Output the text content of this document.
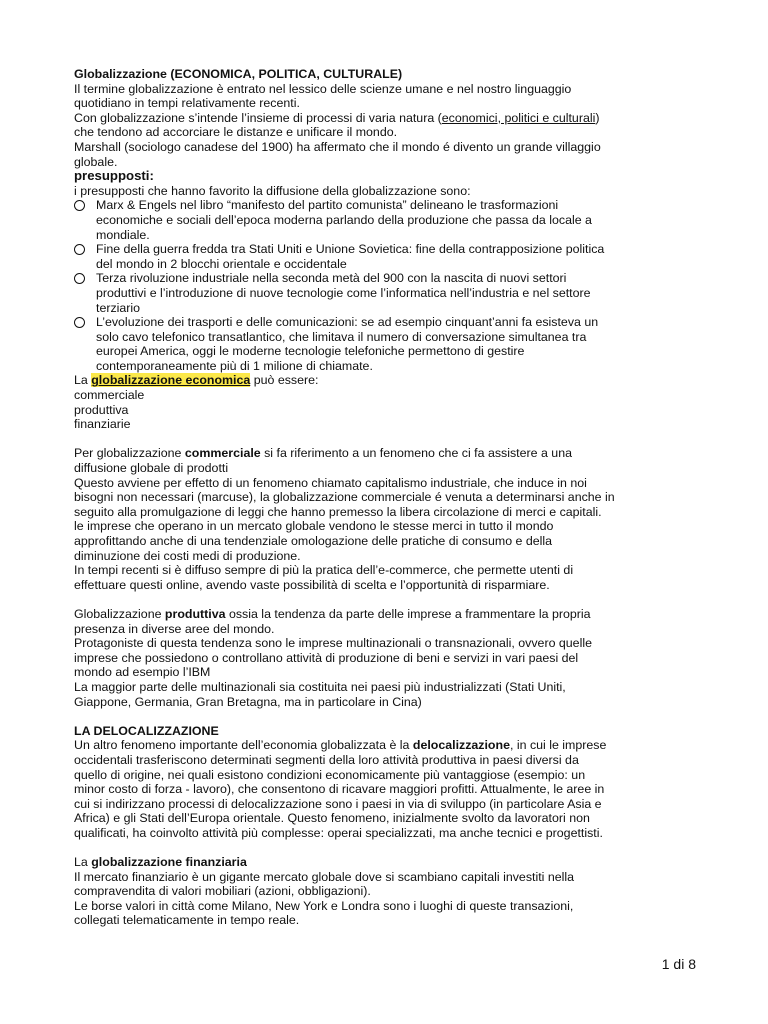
Globalizzazione (ECONOMICA, POLITICA, CULTURALE)
Il termine globalizzazione è entrato nel lessico delle scienze umane e nel nostro linguaggio
quotidiano in tempi relativamente recenti.
Con globalizzazione s’intende l’insieme di processi di varia natura (economici, politici e culturali)
che tendono ad accorciare le distanze e unificare il mondo.
Marshall (sociologo canadese del 1900) ha affermato che il mondo é divento un grande villaggio
globale.
presupposti:
i presupposti che hanno favorito la diffusione della globalizzazione sono:
Marx & Engels nel libro “manifesto del partito comunista” delineano le trasformazioni
economiche e sociali dell’epoca moderna parlando della produzione che passa da locale a
mondiale.
Fine della guerra fredda tra Stati Uniti e Unione Sovietica: fine della contrapposizione politica
del mondo in 2 blocchi orientale e occidentale
Terza rivoluzione industriale nella seconda metà del 900 con la nascita di nuovi settori
produttivi e l’introduzione di nuove tecnologie come l’informatica nell’industria e nel settore
terziario
L’evoluzione dei trasporti e delle comunicazioni: se ad esempio cinquant’anni fa esisteva un
solo cavo telefonico transatlantico, che limitava il numero di conversazione simultanea tra
europei America, oggi le moderne tecnologie telefoniche permettono di gestire
contemporaneamente più di 1 milione di chiamate.
La globalizzazione economica può essere:
commerciale
produttiva
finanziarie
Per globalizzazione commerciale si fa riferimento a un fenomeno che ci fa assistere a una
diffusione globale di prodotti
Questo avviene per effetto di un fenomeno chiamato capitalismo industriale, che induce in noi
bisogni non necessari (marcuse), la globalizzazione commerciale é venuta a determinarsi anche in
seguito alla promulgazione di leggi che hanno premesso la libera circolazione di merci e capitali.
le imprese che operano in un mercato globale vendono le stesse merci in tutto il mondo
approfittando anche di una tendenziale omologazione delle pratiche di consumo e della
diminuzione dei costi medi di produzione.
In tempi recenti si è diffuso sempre di più la pratica dell’e-commerce, che permette utenti di
effettuare questi online, avendo vaste possibilità di scelta e l’opportunità di risparmiare.
Globalizzazione produttiva ossia la tendenza da parte delle imprese a frammentare la propria
presenza in diverse aree del mondo.
Protagoniste di questa tendenza sono le imprese multinazionali o transnazionali, ovvero quelle
imprese che possiedono o controllano attività di produzione di beni e servizi in vari paesi del
mondo ad esempio l’IBM
La maggior parte delle multinazionali sia costituita nei paesi più industrializzati (Stati Uniti,
Giappone, Germania, Gran Bretagna, ma in particolare in Cina)
LA DELOCALIZZAZIONE
Un altro fenomeno importante dell’economia globalizzata è la delocalizzazione, in cui le imprese
occidentali trasferiscono determinati segmenti della loro attività produttiva in paesi diversi da
quello di origine, nei quali esistono condizioni economicamente più vantaggiose (esempio: un
minor costo di forza - lavoro), che consentono di ricavare maggiori profitti. Attualmente, le aree in
cui si indirizzano processi di delocalizzazione sono i paesi in via di sviluppo (in particolare Asia e
Africa) e gli Stati dell’Europa orientale. Questo fenomeno, inizialmente svolto da lavoratori non
qualificati, ha coinvolto attività più complesse: operai specializzati, ma anche tecnici e progettisti.
La globalizzazione finanziaria
Il mercato finanziario è un gigante mercato globale dove si scambiano capitali investiti nella
compravendita di valori mobiliari (azioni, obbligazioni).
Le borse valori in città come Milano, New York e Londra sono i luoghi di queste transazioni,
collegati telematicamente in tempo reale.
1 di 8
